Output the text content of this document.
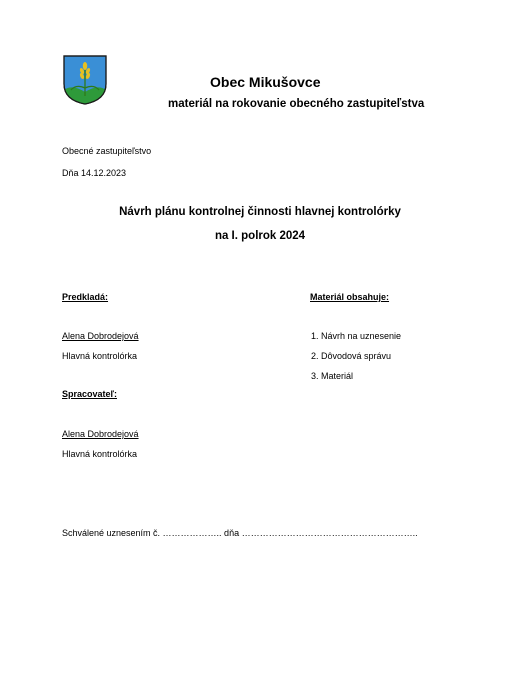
Obec Mikušovce
materiál na rokovanie obecného zastupiteľstva
Obecné zastupiteľstvo
Dňa 14.12.2023
Návrh plánu kontrolnej činnosti hlavnej kontrolórky
na I. polrok 2024
Predkladá:	Materiál obsahuje:
Alena Dobrodejová
Hlavná kontrolórka
1. Návrh na uznesenie
2. Dôvodová správu
3. Materiál
Spracovateľ:
Alena Dobrodejová
Hlavná kontrolórka
Schválené uznesením č. ……………….. dňa …………………………………………………..
